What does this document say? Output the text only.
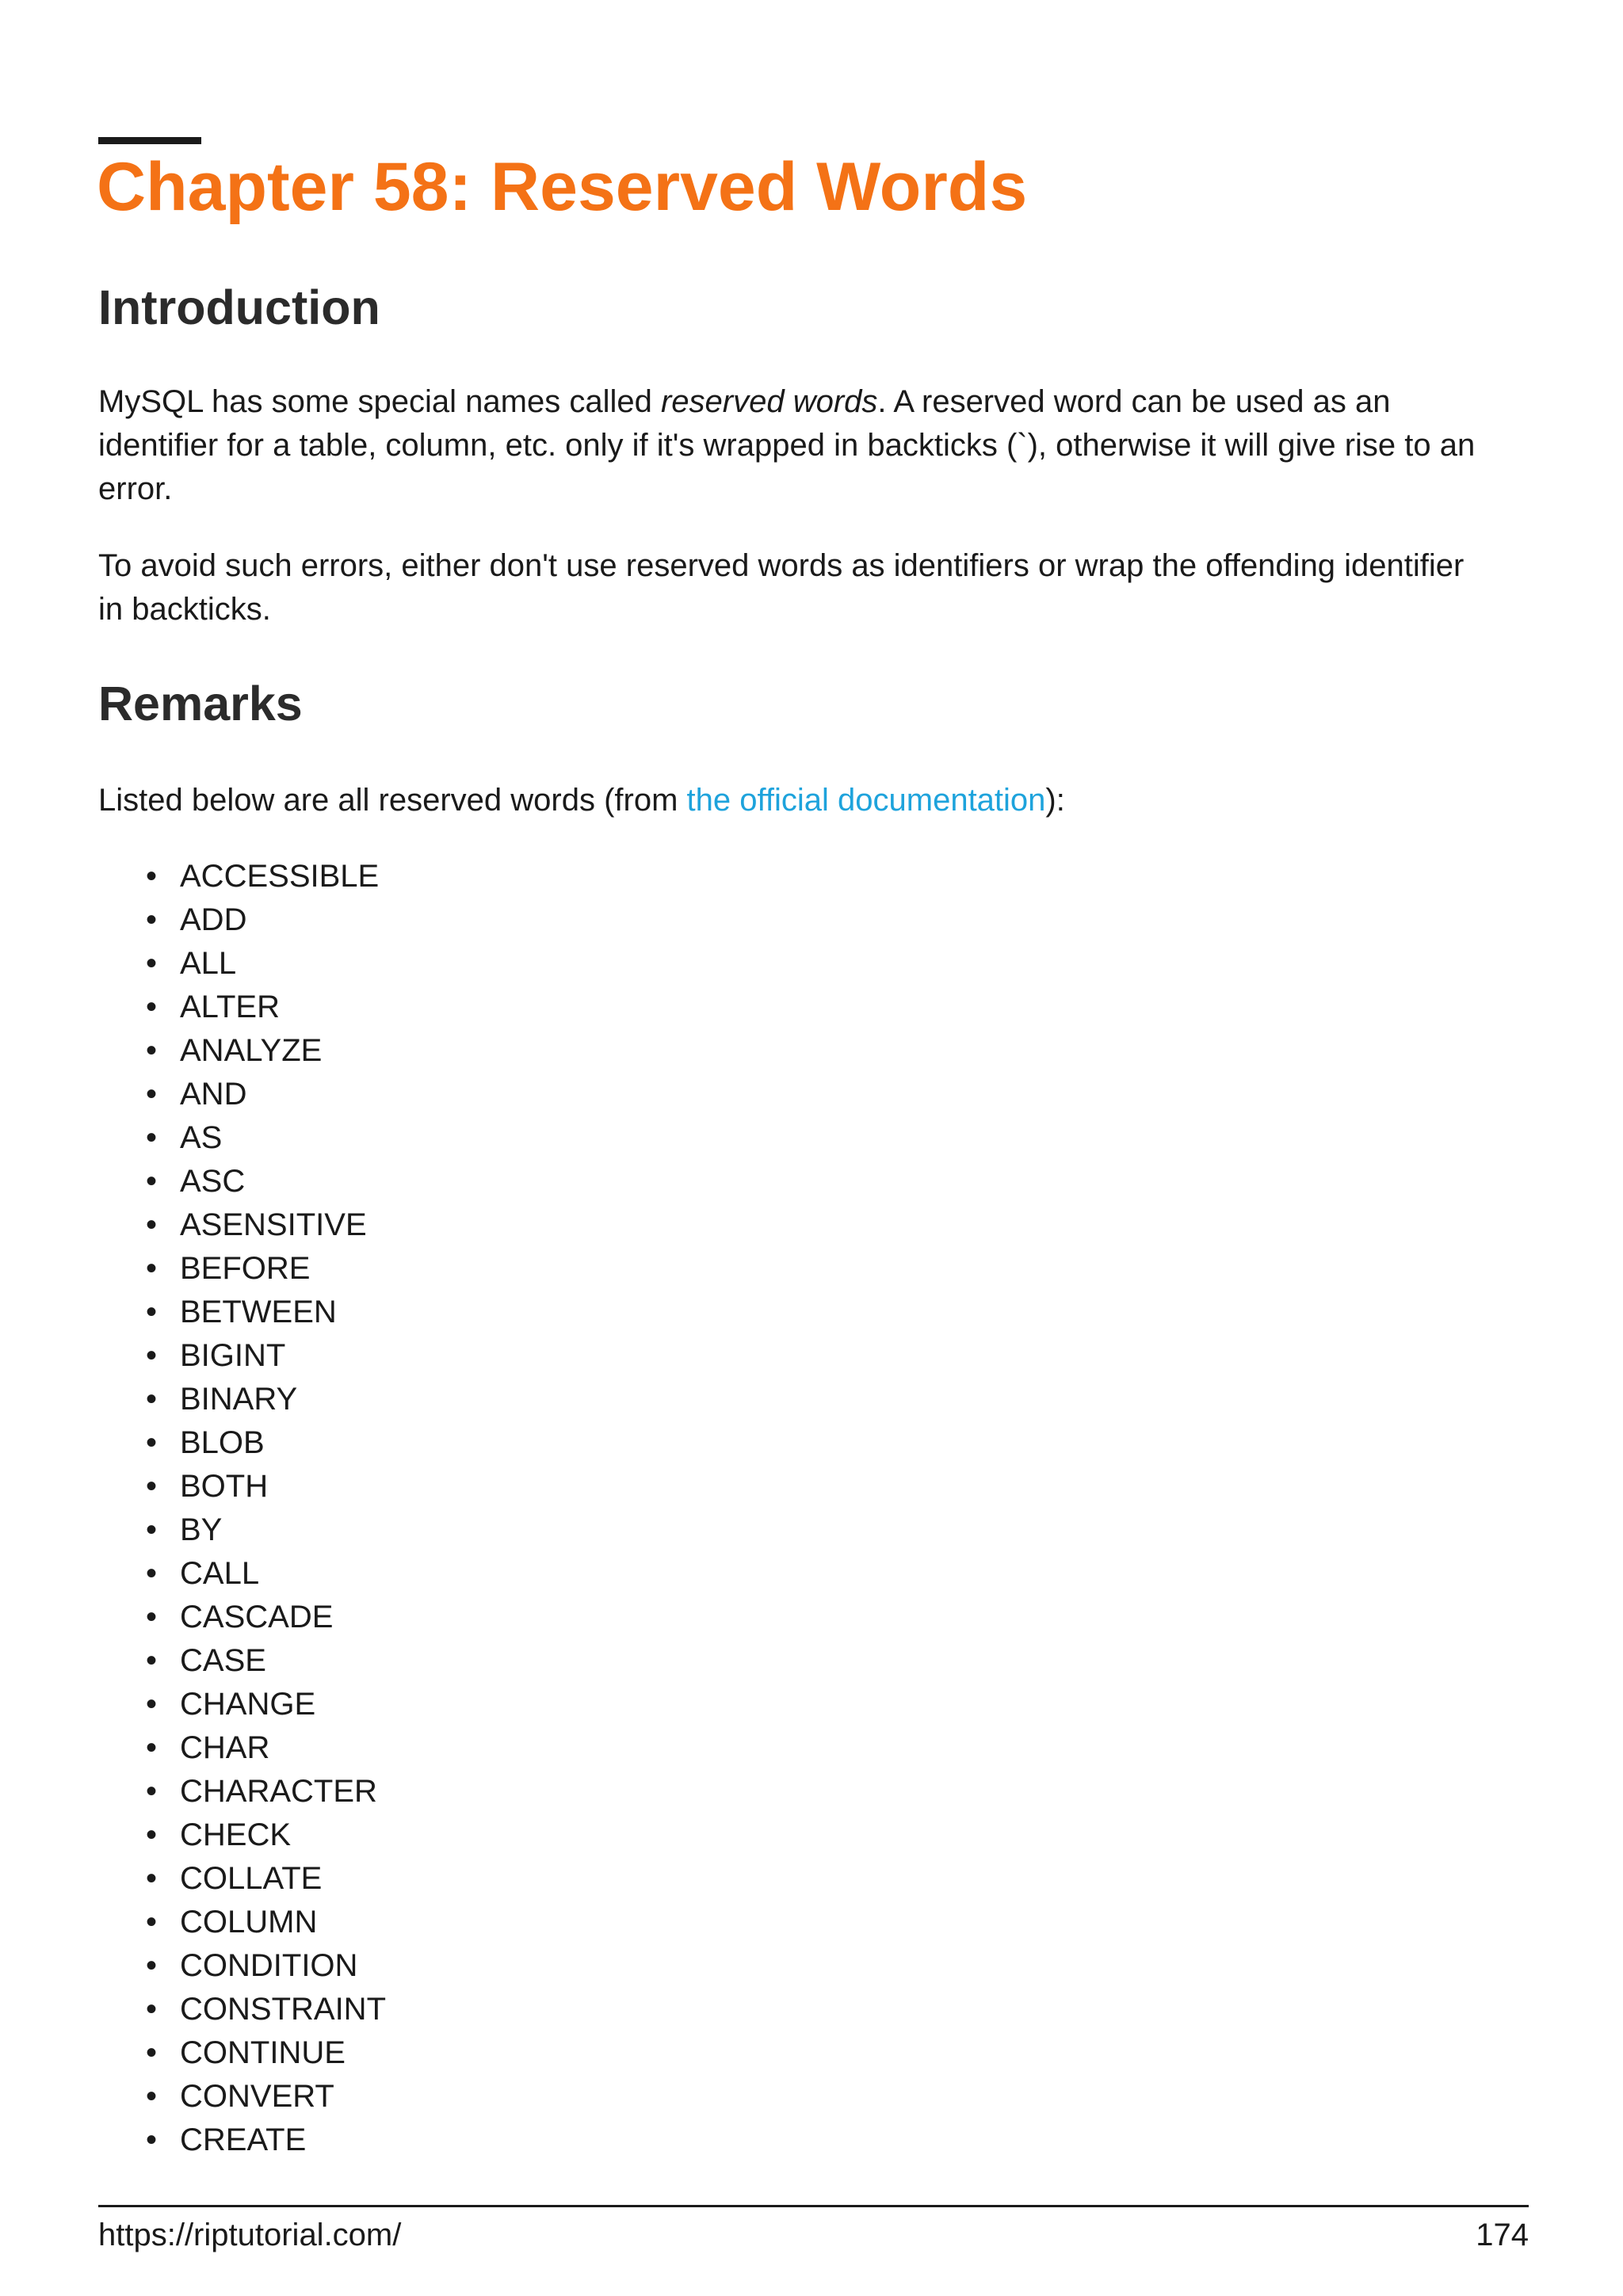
Chapter 58: Reserved Words
Introduction

MySQL has some special names called reserved words. A reserved word can be used as an
identifier for a table, column, etc. only if it's wrapped in backticks (`), otherwise it will give rise to an
error.

To avoid such errors, either don't use reserved words as identifiers or wrap the offending identifier
in backticks.

Remarks

Listed below are all reserved words (from the official documentation):

• ACCESSIBLE
• ADD
• ALL
• ALTER
• ANALYZE
• AND
• AS
• ASC
• ASENSITIVE
• BEFORE
• BETWEEN
• BIGINT
• BINARY
• BLOB
• BOTH
• BY
• CALL
• CASCADE
• CASE
• CHANGE
• CHAR
• CHARACTER
• CHECK
• COLLATE
• COLUMN
• CONDITION
• CONSTRAINT
• CONTINUE
• CONVERT
• CREATE
https://riptutorial.com/	174
